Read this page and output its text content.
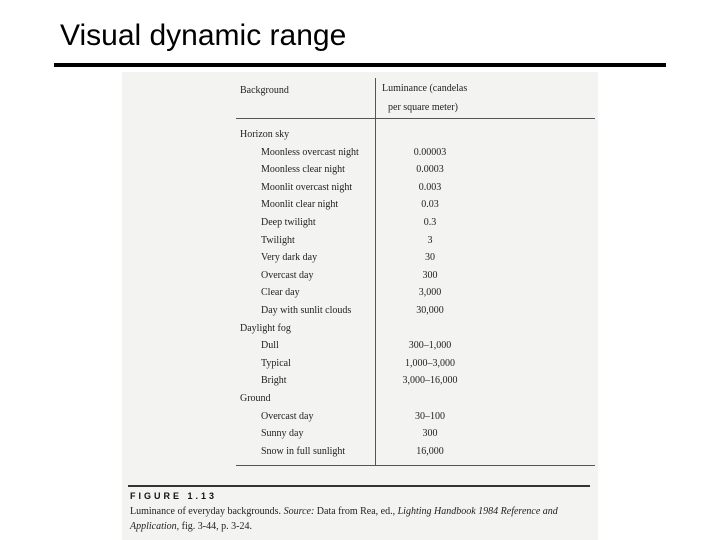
Visual dynamic range
Background	Luminance (candelas
per square meter)
Horizon sky
Moonless overcast night	0.00003
Moonless clear night	0.0003
Moonlit overcast night	0.003
Moonlit clear night	0.03
Deep twilight	0.3
Twilight	3
Very dark day	30
Overcast day	300
Clear day	3,000
Day with sunlit clouds	30,000
Daylight fog
Dull	300–1,000
Typical	1,000–3,000
Bright	3,000–16,000
Ground
Overcast day	30–100
Sunny day	300
Snow in full sunlight	16,000
FIGURE 1.13
Luminance of everyday backgrounds. Source: Data from Rea, ed., Lighting Handbook 1984 Reference and Application, fig. 3-44, p. 3-24.
